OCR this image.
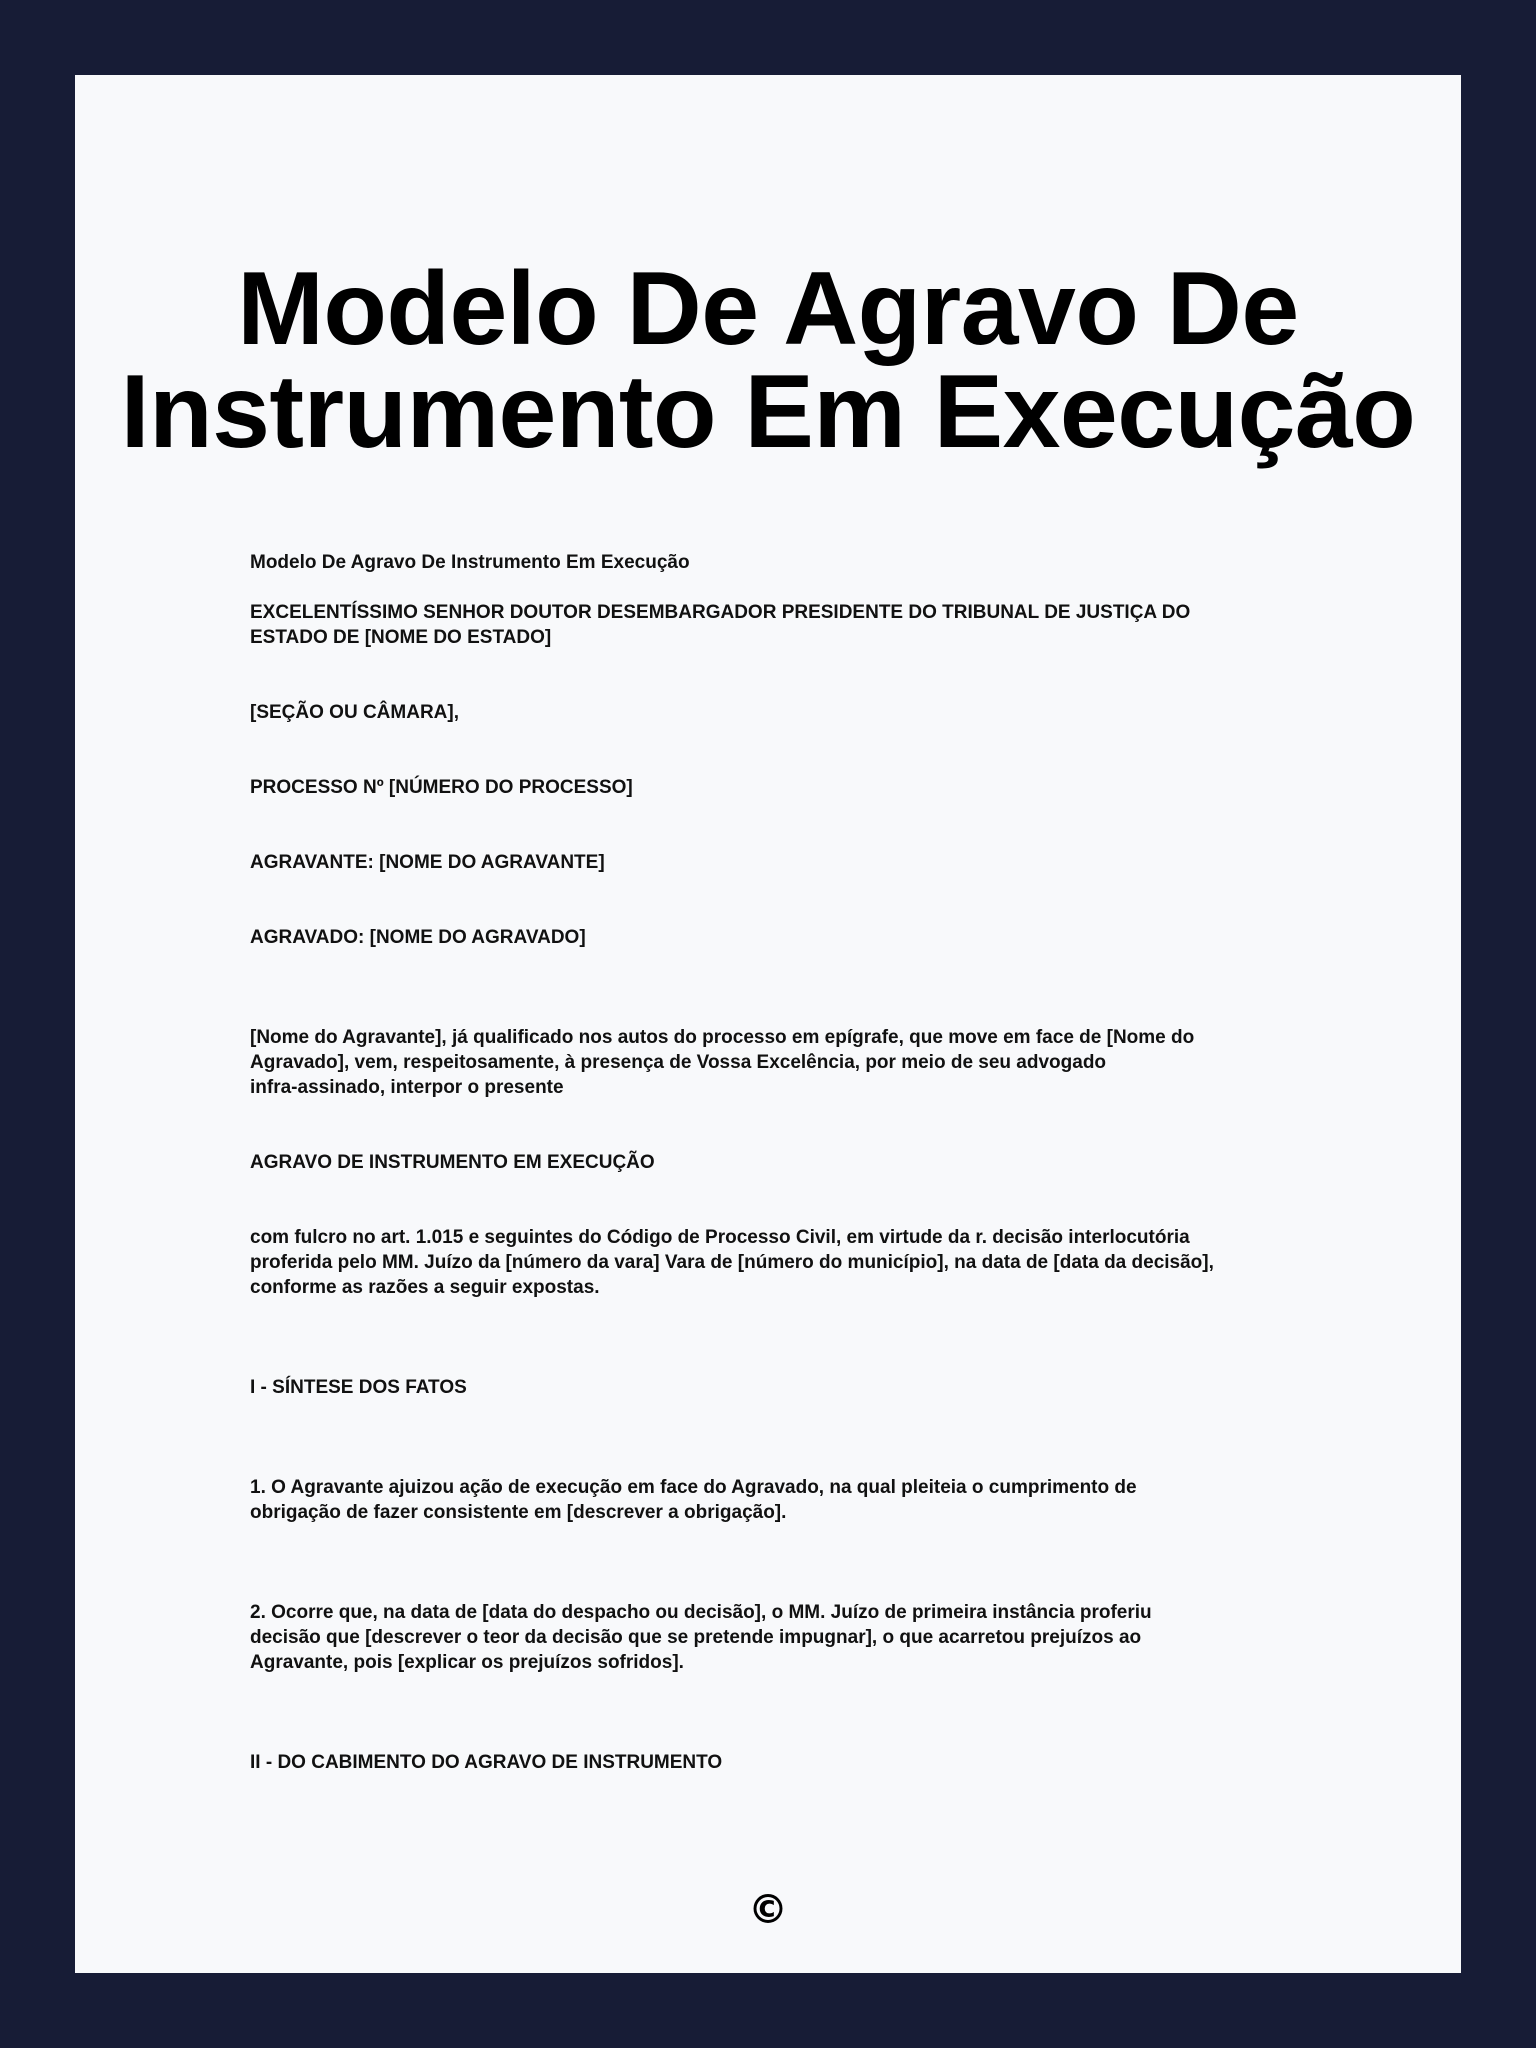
Modelo De Agravo De
Instrumento Em Execução

Modelo De Agravo De Instrumento Em Execução

EXCELENTÍSSIMO SENHOR DOUTOR DESEMBARGADOR PRESIDENTE DO TRIBUNAL DE JUSTIÇA DO
ESTADO DE [NOME DO ESTADO]

[SEÇÃO OU CÂMARA],

PROCESSO Nº [NÚMERO DO PROCESSO]

AGRAVANTE: [NOME DO AGRAVANTE]

AGRAVADO: [NOME DO AGRAVADO]

[Nome do Agravante], já qualificado nos autos do processo em epígrafe, que move em face de [Nome do
Agravado], vem, respeitosamente, à presença de Vossa Excelência, por meio de seu advogado
infra-assinado, interpor o presente

AGRAVO DE INSTRUMENTO EM EXECUÇÃO

com fulcro no art. 1.015 e seguintes do Código de Processo Civil, em virtude da r. decisão interlocutória
proferida pelo MM. Juízo da [número da vara] Vara de [número do município], na data de [data da decisão],
conforme as razões a seguir expostas.

I - SÍNTESE DOS FATOS

1. O Agravante ajuizou ação de execução em face do Agravado, na qual pleiteia o cumprimento de
obrigação de fazer consistente em [descrever a obrigação].

2. Ocorre que, na data de [data do despacho ou decisão], o MM. Juízo de primeira instância proferiu
decisão que [descrever o teor da decisão que se pretende impugnar], o que acarretou prejuízos ao
Agravante, pois [explicar os prejuízos sofridos].

II - DO CABIMENTO DO AGRAVO DE INSTRUMENTO

©
